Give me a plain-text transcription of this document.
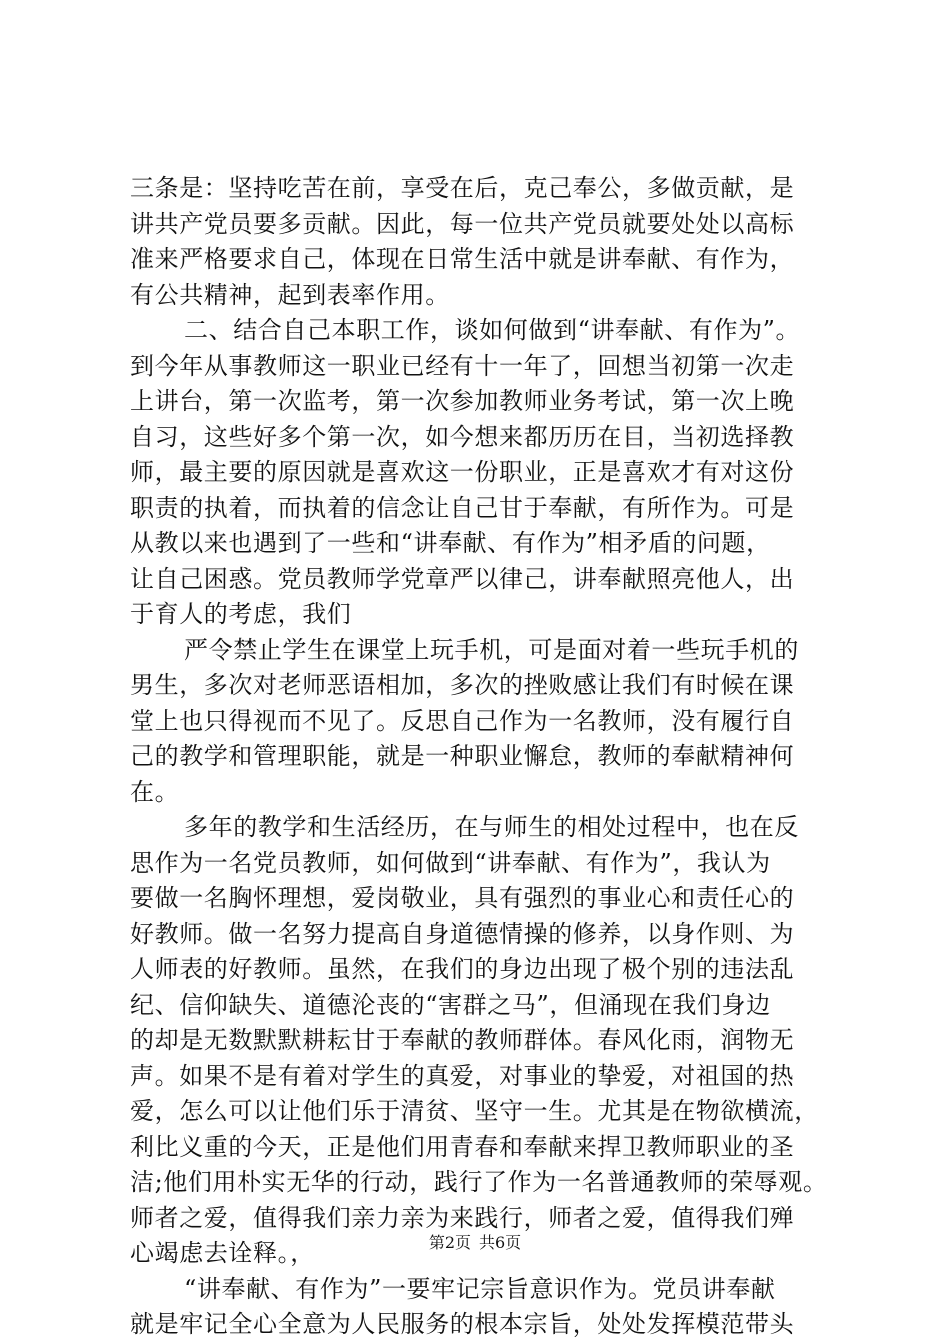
三条是：坚持吃苦在前，享受在后，克己奉公，多做贡献，是
讲共产党员要多贡献。因此，每一位共产党员就要处处以高标
准来严格要求自己，体现在日常生活中就是讲奉献、有作为，
有公共精神，起到表率作用。
二、结合自己本职工作，谈如何做到“讲奉献、有作为”。
到今年从事教师这一职业已经有十一年了，回想当初第一次走
上讲台，第一次监考，第一次参加教师业务考试，第一次上晚
自习，这些好多个第一次，如今想来都历历在目，当初选择教
师，最主要的原因就是喜欢这一份职业，正是喜欢才有对这份
职责的执着，而执着的信念让自己甘于奉献，有所作为。可是
从教以来也遇到了一些和“讲奉献、有作为”相矛盾的问题，
让自己困惑。党员教师学党章严以律己，讲奉献照亮他人，出
于育人的考虑，我们
严令禁止学生在课堂上玩手机，可是面对着一些玩手机的
男生，多次对老师恶语相加，多次的挫败感让我们有时候在课
堂上也只得视而不见了。反思自己作为一名教师，没有履行自
己的教学和管理职能，就是一种职业懈怠，教师的奉献精神何
在。
多年的教学和生活经历，在与师生的相处过程中，也在反
思作为一名党员教师，如何做到“讲奉献、有作为”，我认为
要做一名胸怀理想，爱岗敬业，具有强烈的事业心和责任心的
好教师。做一名努力提高自身道德情操的修养，以身作则、为
人师表的好教师。虽然，在我们的身边出现了极个别的违法乱
纪、信仰缺失、道德沦丧的“害群之马”，但涌现在我们身边
的却是无数默默耕耘甘于奉献的教师群体。春风化雨，润物无
声。如果不是有着对学生的真爱，对事业的挚爱，对祖国的热
爱，怎么可以让他们乐于清贫、坚守一生。尤其是在物欲横流，
利比义重的今天，正是他们用青春和奉献来捍卫教师职业的圣
洁;他们用朴实无华的行动，践行了作为一名普通教师的荣辱观。
师者之爱，值得我们亲力亲为来践行，师者之爱，值得我们殚
心竭虑去诠释。，
“讲奉献、有作为”一要牢记宗旨意识作为。党员讲奉献
就是牢记全心全意为人民服务的根本宗旨，处处发挥模范带头
第2页 共6页
